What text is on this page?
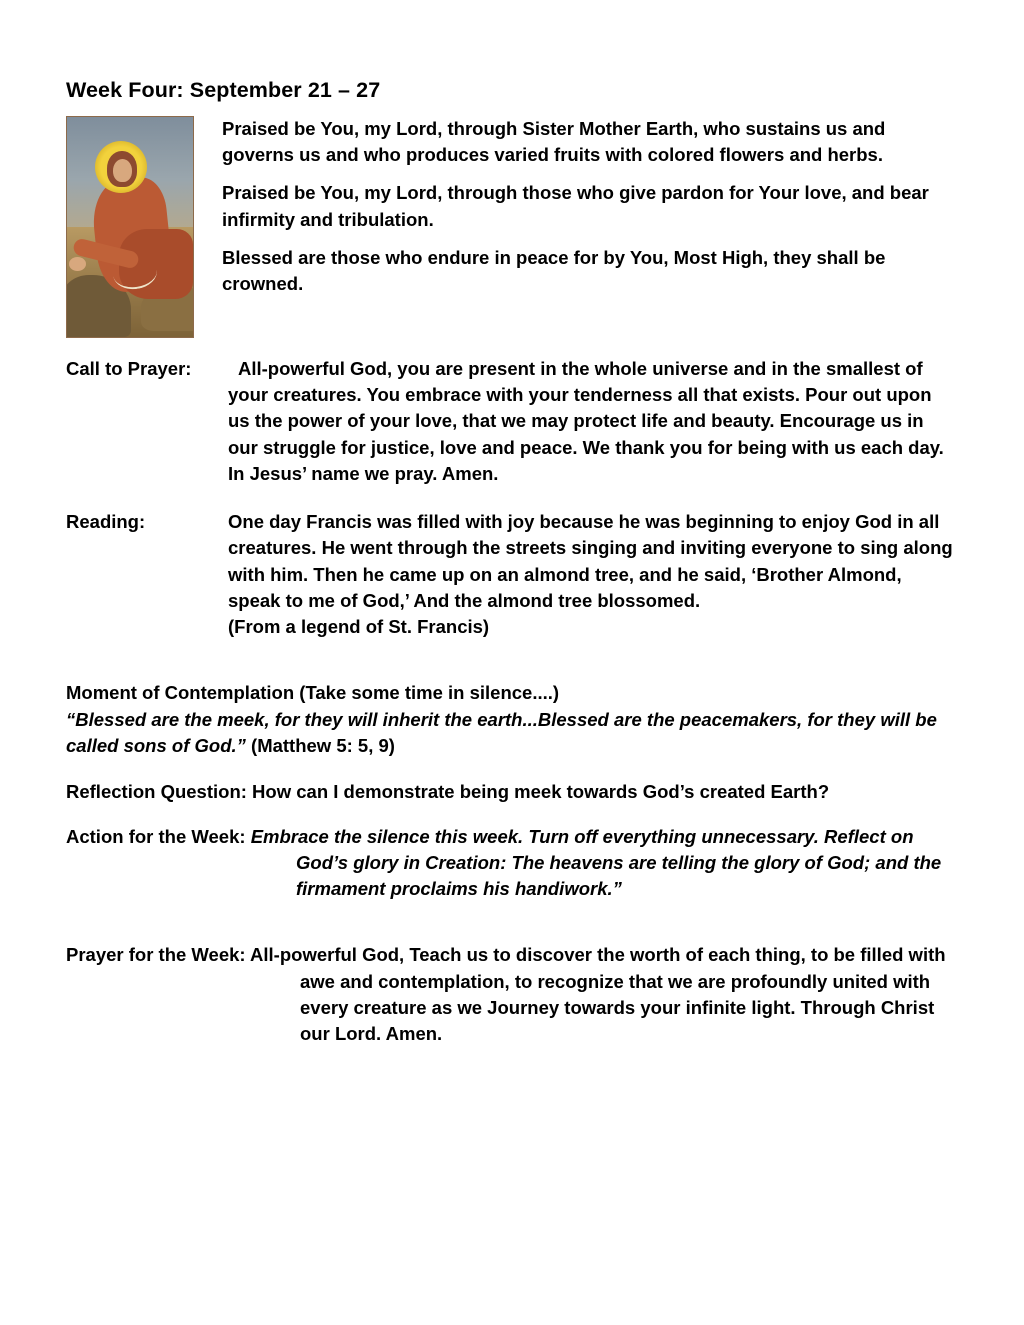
Week Four: September 21 – 27

Praised be You, my Lord, through Sister Mother Earth, who sustains us and governs us and who produces varied fruits with colored flowers and herbs.

Praised be You, my Lord, through those who give pardon for Your love, and bear infirmity and tribulation.

Blessed are those who endure in peace for by You, Most High, they shall be crowned.

Call to Prayer:	All-powerful God, you are present in the whole universe and in the smallest of your creatures. You embrace with your tenderness all that exists. Pour out upon us the power of your love, that we may protect life and beauty. Encourage us in our struggle for justice, love and peace. We thank you for being with us each day. In Jesus’ name we pray. Amen.
Reading:	One day Francis was filled with joy because he was beginning to enjoy God in all creatures. He went through the streets singing and inviting everyone to sing along with him. Then he came up on an almond tree, and he said, ‘Brother Almond, speak to me of God,’ And the almond tree blossomed.
(From a legend of St. Francis)

Moment of Contemplation (Take some time in silence....)

“Blessed are the meek, for they will inherit the earth...Blessed are the peacemakers, for they will be called sons of God.” (Matthew 5: 5, 9)

Reflection Question: How can I demonstrate being meek towards God’s created Earth?
Action for the Week: Embrace the silence this week. Turn off everything unnecessary. Reflect on God’s glory in Creation: The heavens are telling the glory of God; and the firmament proclaims his handiwork.”
Prayer for the Week: All-powerful God, Teach us to discover the worth of each thing, to be filled with awe and contemplation, to recognize that we are profoundly united with every creature as we Journey towards your infinite light. Through Christ our Lord. Amen.
